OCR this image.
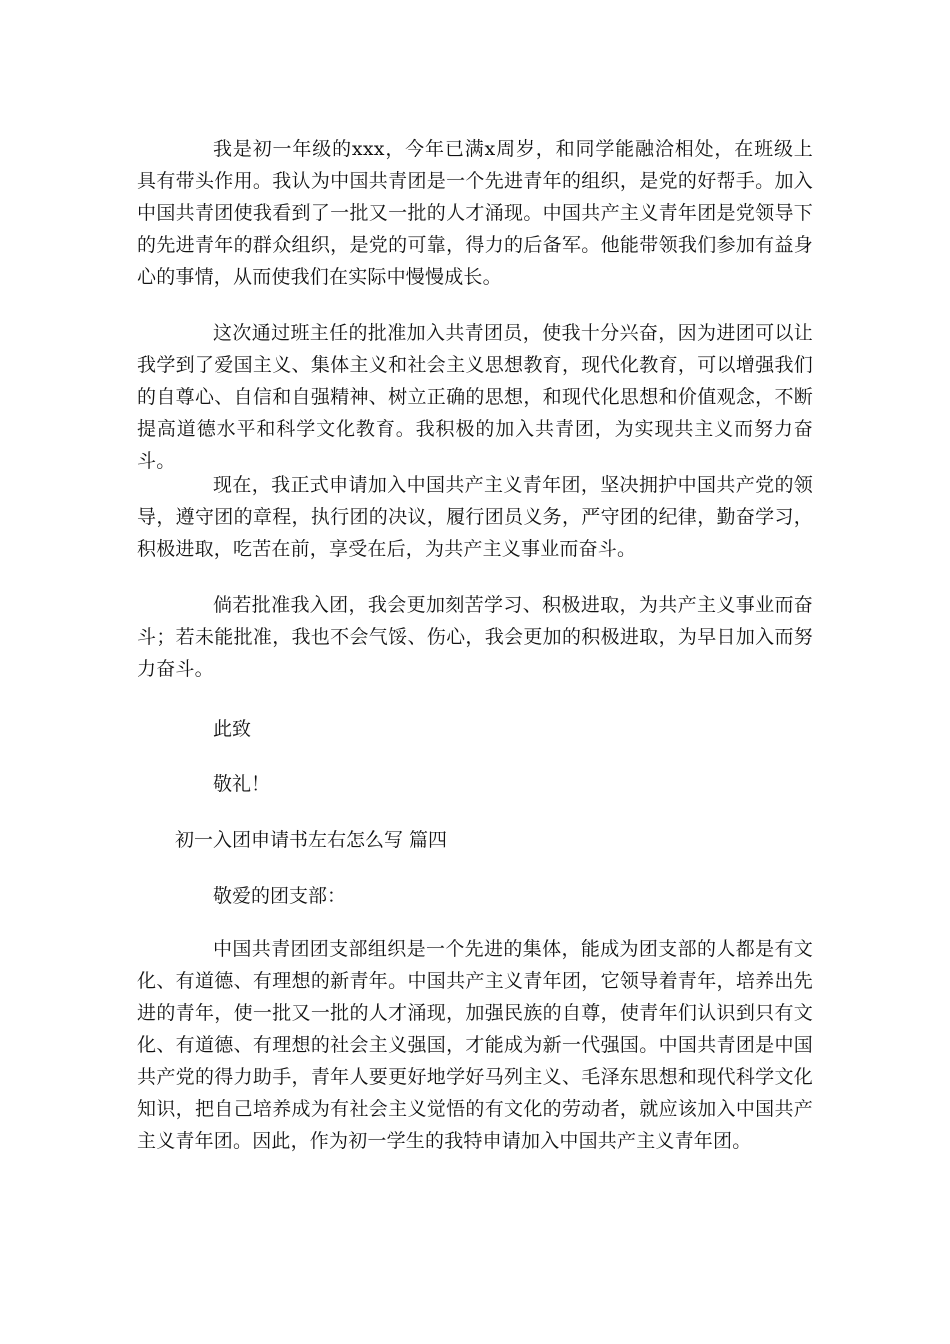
我是初一年级的xxx，今年已满x周岁，和同学能融洽相处，在班级上具有带头作用。我认为中国共青团是一个先进青年的组织，是党的好帮手。加入中国共青团使我看到了一批又一批的人才涌现。中国共产主义青年团是党领导下的先进青年的群众组织，是党的可靠，得力的后备军。他能带领我们参加有益身心的事情，从而使我们在实际中慢慢成长。

这次通过班主任的批准加入共青团员，使我十分兴奋，因为进团可以让我学到了爱国主义、集体主义和社会主义思想教育，现代化教育，可以增强我们的自尊心、自信和自强精神、树立正确的思想，和现代化思想和价值观念，不断提高道德水平和科学文化教育。我积极的加入共青团，为实现共主义而努力奋斗。

现在，我正式申请加入中国共产主义青年团，坚决拥护中国共产党的领导，遵守团的章程，执行团的决议，履行团员义务，严守团的纪律，勤奋学习，积极进取，吃苦在前，享受在后，为共产主义事业而奋斗。

倘若批准我入团，我会更加刻苦学习、积极进取，为共产主义事业而奋斗；若未能批准，我也不会气馁、伤心，我会更加的积极进取，为早日加入而努力奋斗。

此致

敬礼！

初一入团申请书左右怎么写 篇四

敬爱的团支部：

中国共青团团支部组织是一个先进的集体，能成为团支部的人都是有文化、有道德、有理想的新青年。中国共产主义青年团，它领导着青年，培养出先进的青年，使一批又一批的人才涌现，加强民族的自尊，使青年们认识到只有文化、有道德、有理想的社会主义强国，才能成为新一代强国。中国共青团是中国共产党的得力助手，青年人要更好地学好马列主义、毛泽东思想和现代科学文化知识，把自己培养成为有社会主义觉悟的有文化的劳动者，就应该加入中国共产主义青年团。因此，作为初一学生的我特申请加入中国共产主义青年团。
